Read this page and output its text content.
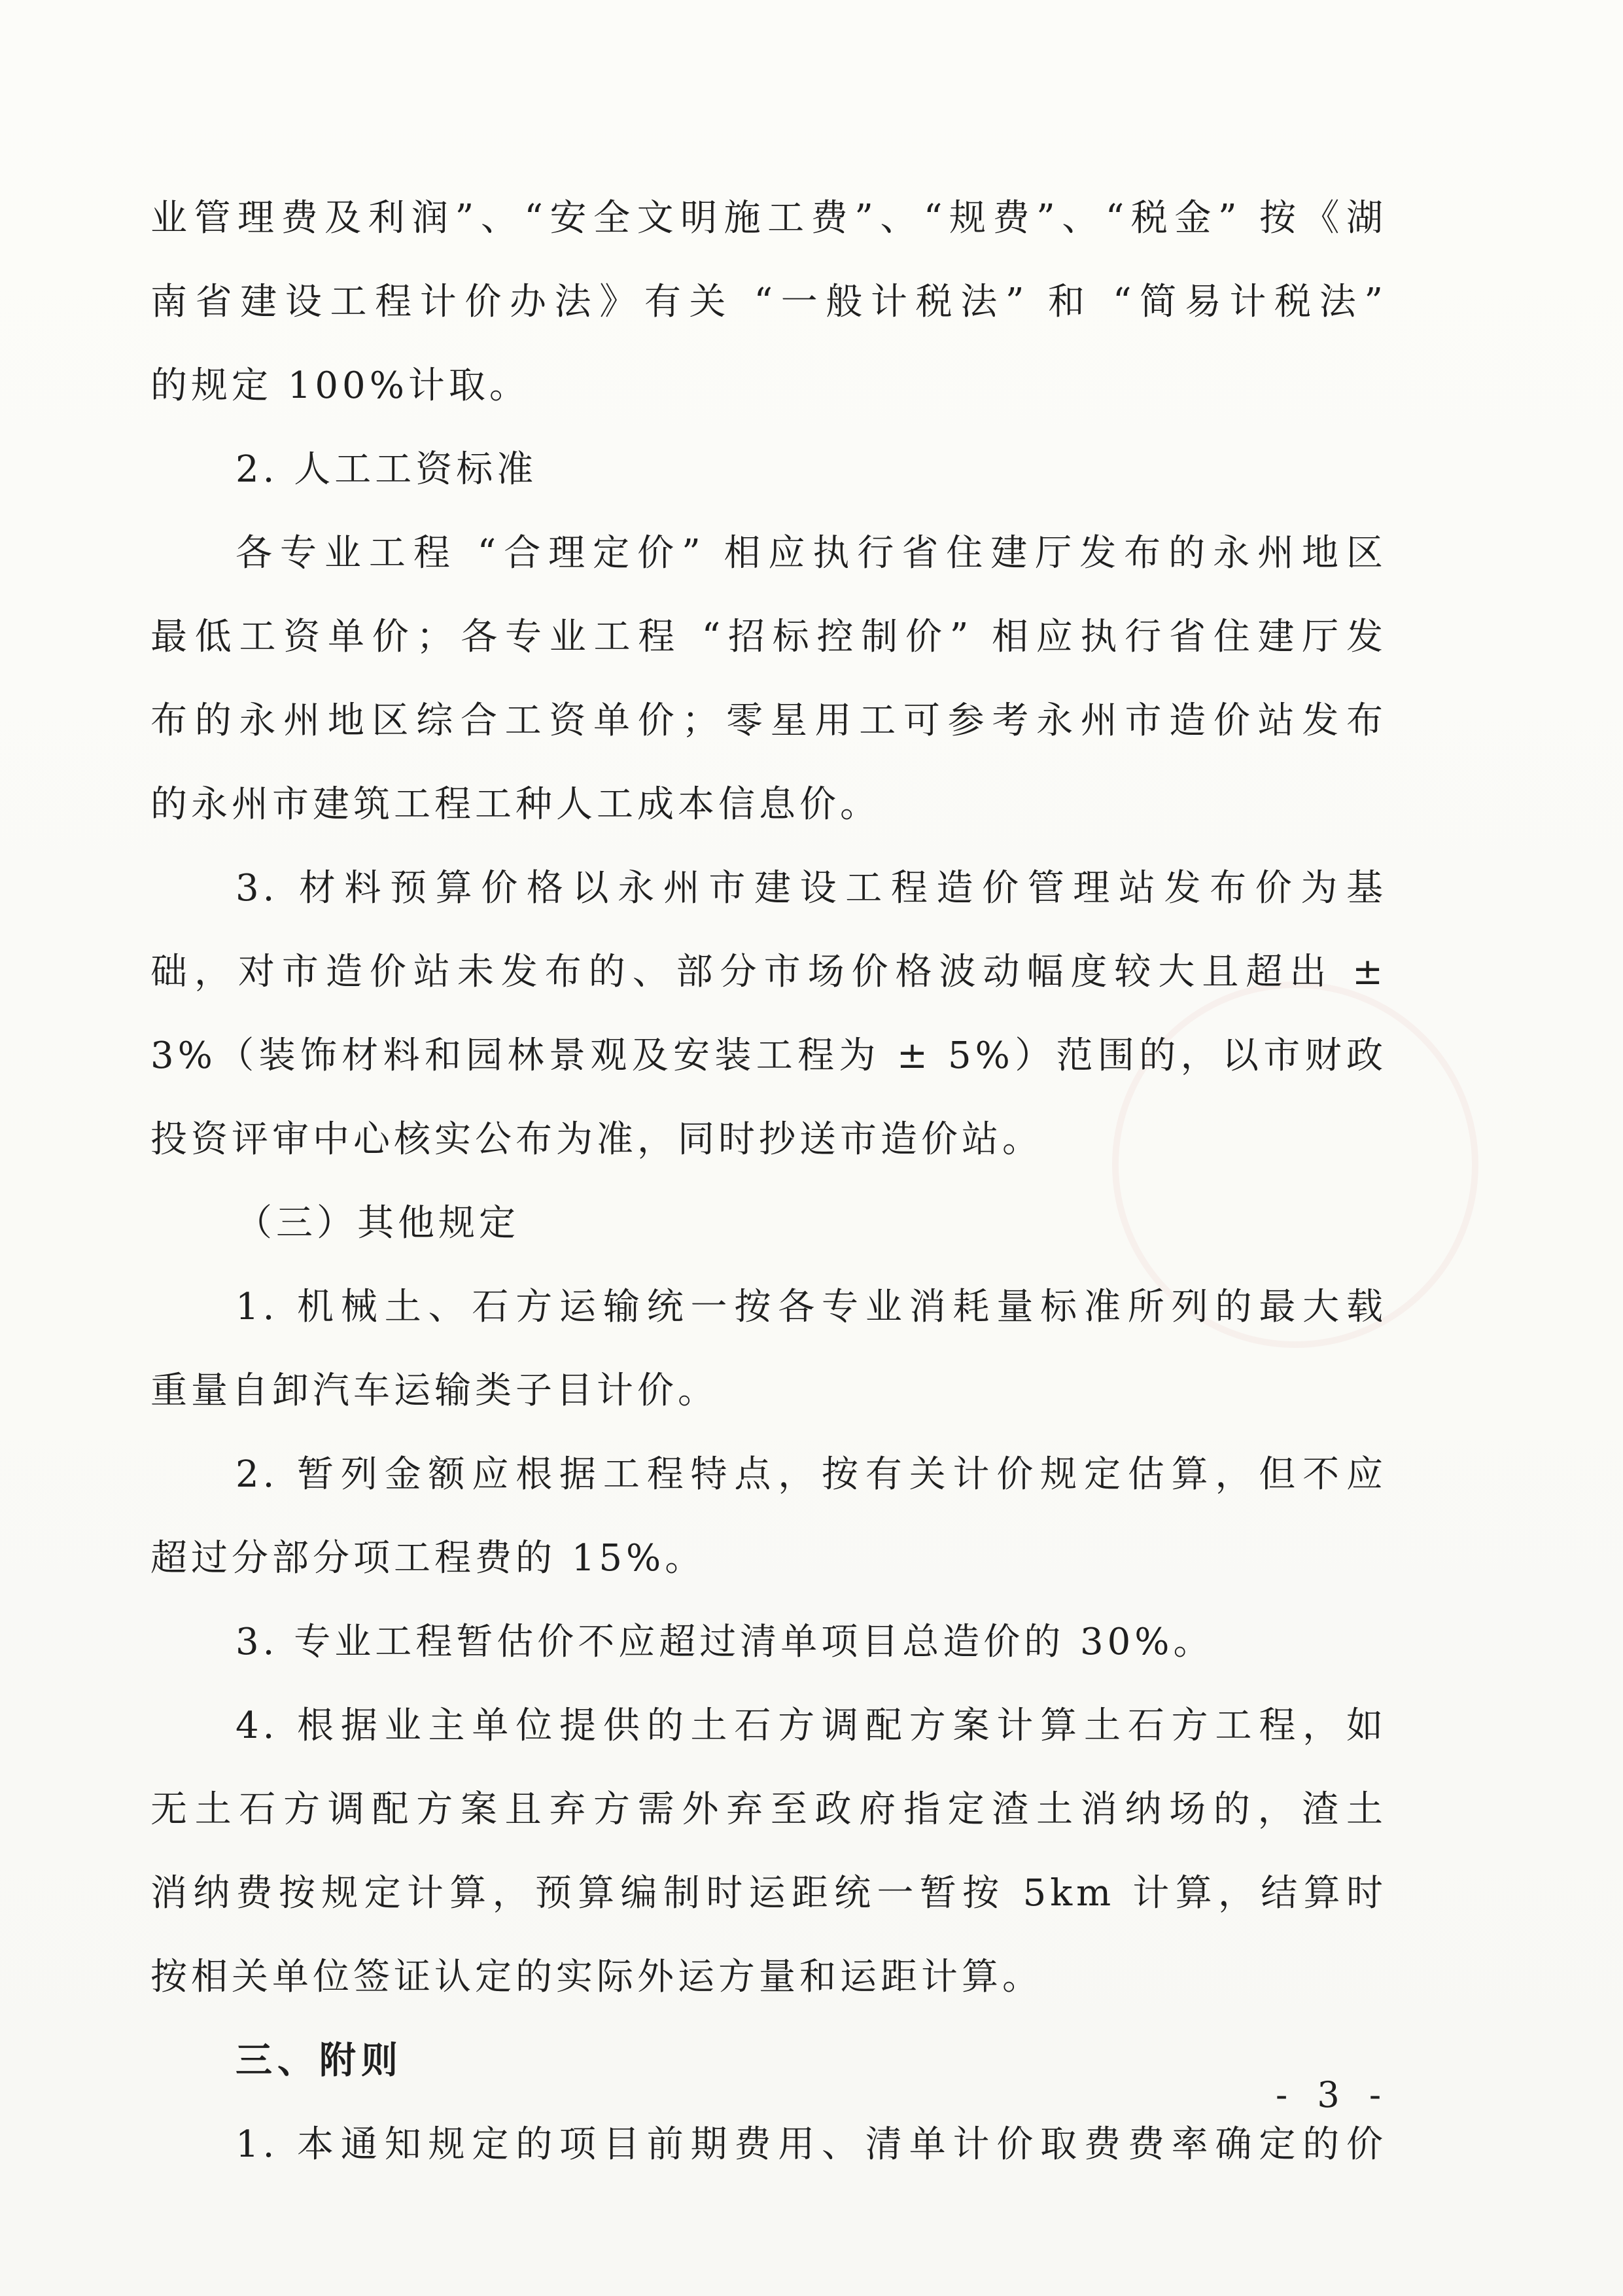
业管理费及利润”、“安全文明施工费”、“规费”、“税金” 按《湖
南省建设工程计价办法》有关 “一般计税法” 和 “简易计税法”
的规定 100%计取。
2. 人工工资标准
各专业工程 “合理定价” 相应执行省住建厅发布的永州地区
最低工资单价；各专业工程 “招标控制价” 相应执行省住建厅发
布的永州地区综合工资单价；零星用工可参考永州市造价站发布
的永州市建筑工程工种人工成本信息价。
3. 材料预算价格以永州市建设工程造价管理站发布价为基
础，对市造价站未发布的、部分市场价格波动幅度较大且超出 ±
3%（装饰材料和园林景观及安装工程为 ± 5%）范围的，以市财政
投资评审中心核实公布为准，同时抄送市造价站。
（三）其他规定
1. 机械土、石方运输统一按各专业消耗量标准所列的最大载
重量自卸汽车运输类子目计价。
2. 暂列金额应根据工程特点，按有关计价规定估算，但不应
超过分部分项工程费的 15%。
3. 专业工程暂估价不应超过清单项目总造价的 30%。
4. 根据业主单位提供的土石方调配方案计算土石方工程，如
无土石方调配方案且弃方需外弃至政府指定渣土消纳场的，渣土
消纳费按规定计算，预算编制时运距统一暂按 5km 计算，结算时
按相关单位签证认定的实际外运方量和运距计算。
三、附则
1. 本通知规定的项目前期费用、清单计价取费费率确定的价
- 3 -
